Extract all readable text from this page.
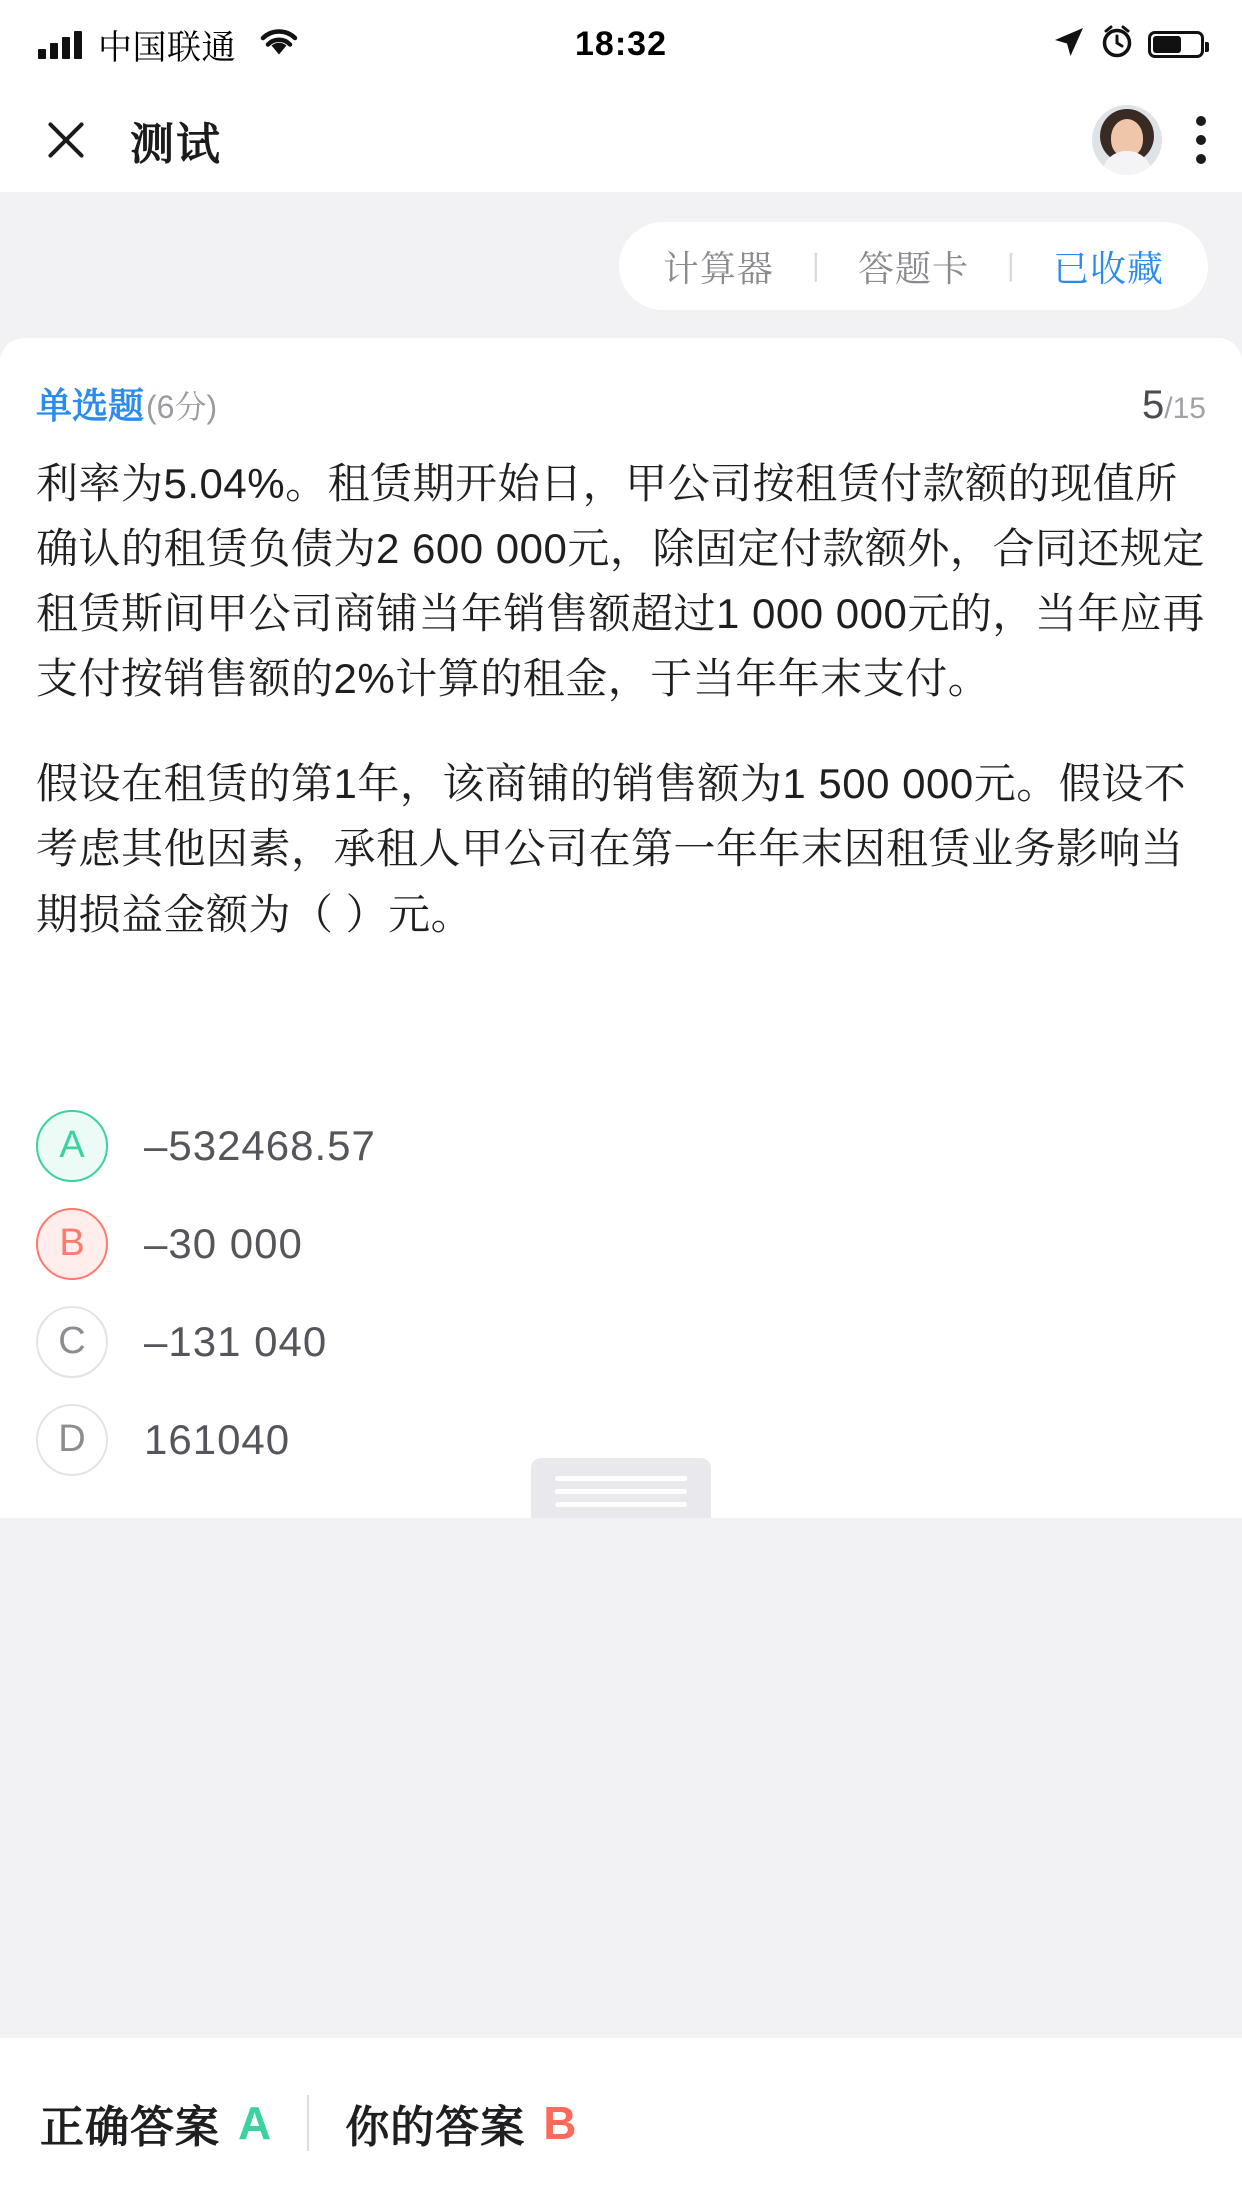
中国联通	18:32
测试
计算器 丨 答题卡 丨 已收藏
单选题 (6分)	5/15

利率为5.04%。租赁期开始日，甲公司按租赁付款额的现值所确认的租赁负债为2 600 000元，除固定付款额外，合同还规定租赁斯间甲公司商铺当年销售额超过1 000 000元的，当年应再支付按销售额的2%计算的租金，于当年年末支付。

假设在租赁的第1年，该商铺的销售额为1 500 000元。假设不考虑其他因素，承租人甲公司在第一年年末因租赁业务影响当期损益金额为（ ）元。

A	–532468.57
B	–30 000
C	–131 040
D	161040
正确答案 A 你的答案 B
